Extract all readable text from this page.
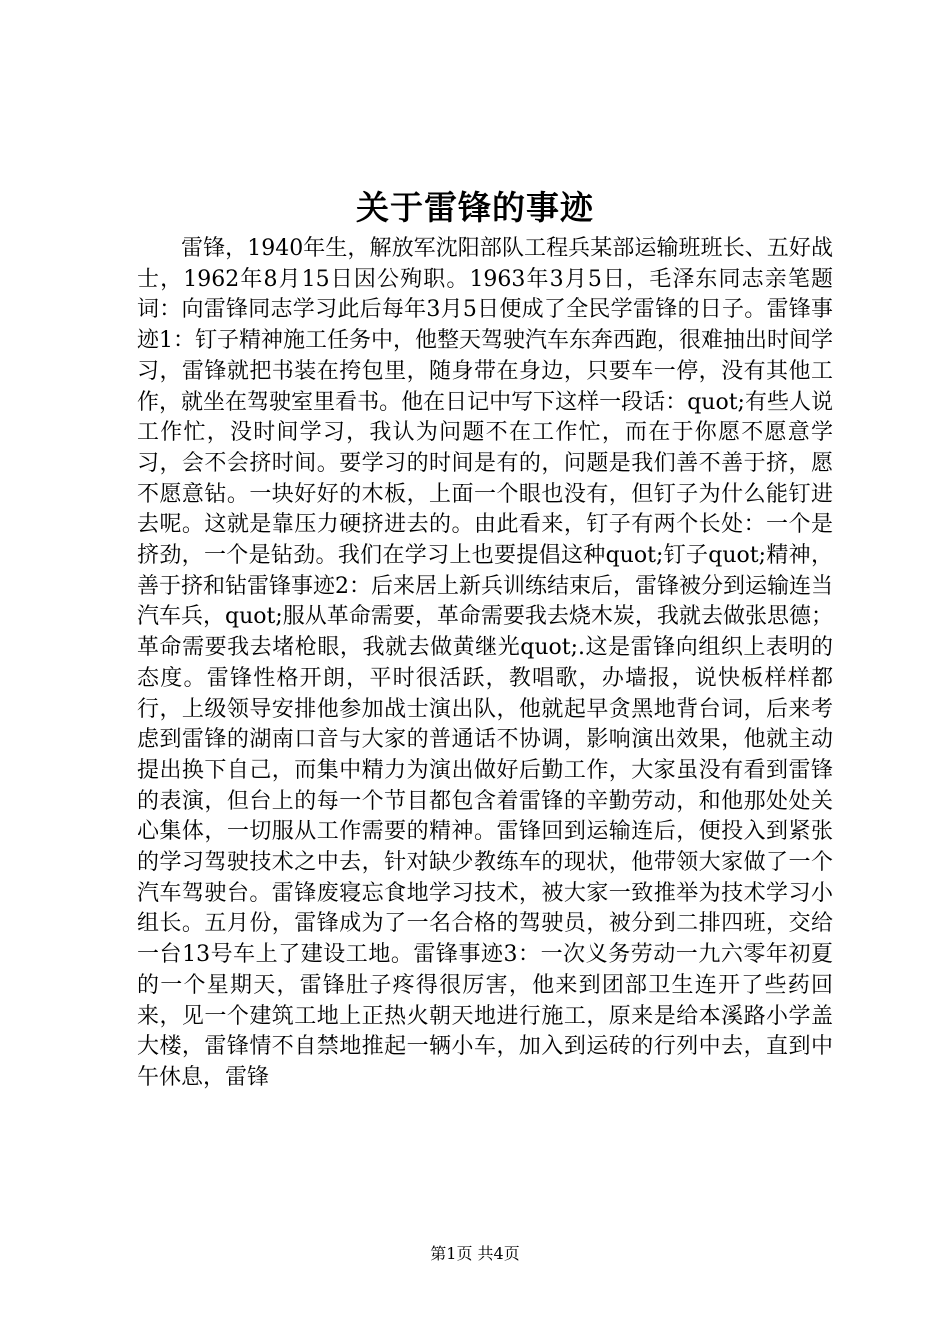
关于雷锋的事迹

雷锋，1940年生，解放军沈阳部队工程兵某部运输班班长、五好战士，1962年8月15日因公殉职。1963年3月5日，毛泽东同志亲笔题词：向雷锋同志学习此后每年3月5日便成了全民学雷锋的日子。雷锋事迹1：钉子精神施工任务中，他整天驾驶汽车东奔西跑，很难抽出时间学习，雷锋就把书装在挎包里，随身带在身边，只要车一停，没有其他工作，就坐在驾驶室里看书。他在日记中写下这样一段话：quot;有些人说工作忙，没时间学习，我认为问题不在工作忙，而在于你愿不愿意学习，会不会挤时间。要学习的时间是有的，问题是我们善不善于挤，愿不愿意钻。一块好好的木板，上面一个眼也没有，但钉子为什么能钉进去呢。这就是靠压力硬挤进去的。由此看来，钉子有两个长处：一个是挤劲，一个是钻劲。我们在学习上也要提倡这种quot;钉子quot;精神，善于挤和钻雷锋事迹2：后来居上新兵训练结束后，雷锋被分到运输连当汽车兵，quot;服从革命需要，革命需要我去烧木炭，我就去做张思德；革命需要我去堵枪眼，我就去做黄继光quot;.这是雷锋向组织上表明的态度。雷锋性格开朗，平时很活跃，教唱歌，办墙报，说快板样样都行，上级领导安排他参加战士演出队，他就起早贪黑地背台词，后来考虑到雷锋的湖南口音与大家的普通话不协调，影响演出效果，他就主动提出换下自己，而集中精力为演出做好后勤工作，大家虽没有看到雷锋的表演，但台上的每一个节目都包含着雷锋的辛勤劳动，和他那处处关心集体，一切服从工作需要的精神。雷锋回到运输连后，便投入到紧张的学习驾驶技术之中去，针对缺少教练车的现状，他带领大家做了一个汽车驾驶台。雷锋废寝忘食地学习技术，被大家一致推举为技术学习小组长。五月份，雷锋成为了一名合格的驾驶员，被分到二排四班，交给一台13号车上了建设工地。雷锋事迹3：一次义务劳动一九六零年初夏的一个星期天，雷锋肚子疼得很厉害，他来到团部卫生连开了些药回来，见一个建筑工地上正热火朝天地进行施工，原来是给本溪路小学盖大楼，雷锋情不自禁地推起一辆小车，加入到运砖的行列中去，直到中午休息，雷锋

第1页 共4页
